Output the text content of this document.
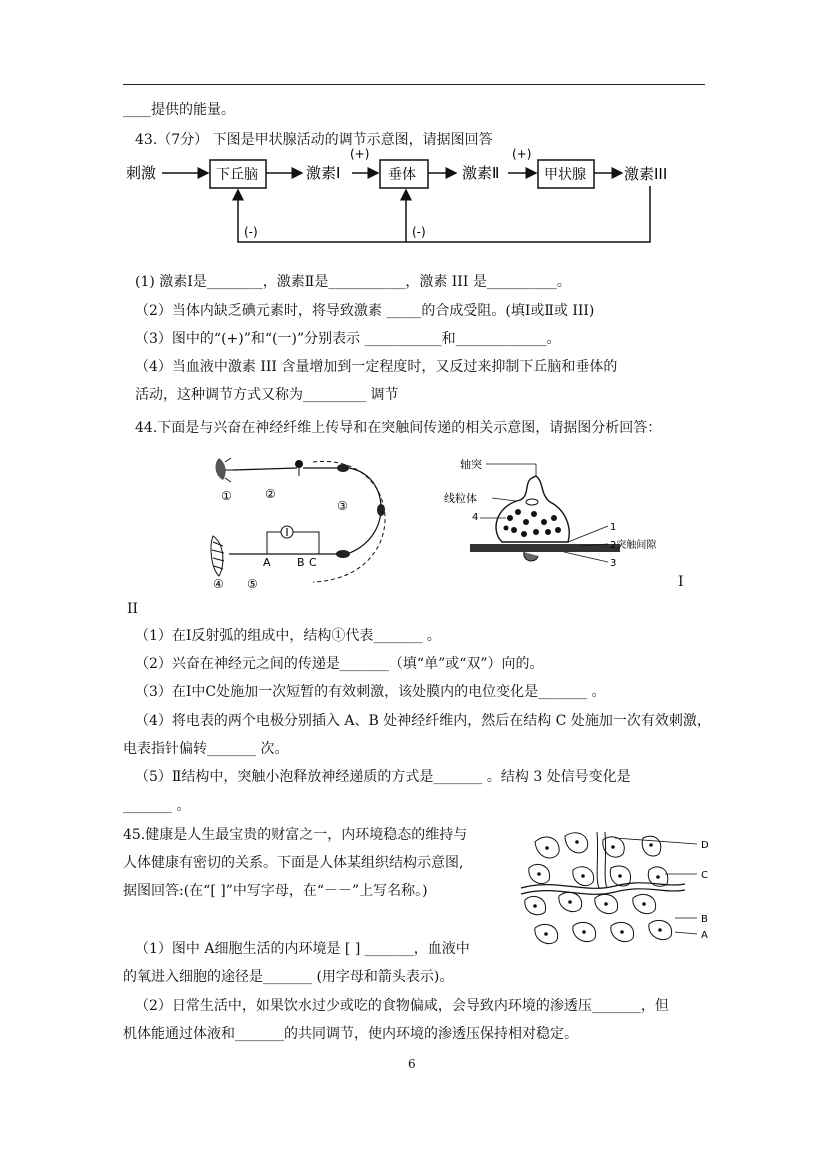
____提供的能量。
43.（7分） 下图是甲状腺活动的调节示意图，请据图回答
刺激	下丘脑	激素Ⅰ
(+)
垂体	激素Ⅱ
(+)
甲状腺	激素III
(-)	(-)
(1) 激素Ⅰ是________，激素Ⅱ是___________，激素 III 是__________。
（2）当体内缺乏碘元素时，将导致激素 _____的合成受阻。(填Ⅰ或Ⅱ或 III)
（3）图中的“(+)”和“(一)”分别表示 ___________和_____________。
（4）当血液中激素 III 含量增加到一定程度时，又反过来抑制下丘脑和垂体的
活动，这种调节方式又称为_________ 调节
44.下面是与兴奋在神经纤维上传导和在突触间传递的相关示意图，请据图分析回答：
①	②
③
④ ⑤
A B C
轴突
线粒体
4
1
2突触间隙
3
I
II
（1）在Ⅰ反射弧的组成中，结构①代表_______ 。
（2）兴奋在神经元之间的传递是_______（填“单”或“双”）向的。
（3）在Ⅰ中C处施加一次短暂的有效刺激，该处膜内的电位变化是_______ 。
（4）将电表的两个电极分别插入 A、B 处神经纤维内，然后在结构 C 处施加一次有效刺激，
电表指针偏转_______ 次。
（5）Ⅱ结构中，突触小泡释放神经递质的方式是_______ 。结构 3 处信号变化是
_______ 。
45.健康是人生最宝贵的财富之一，内环境稳态的维持与
人体健康有密切的关系。下面是人体某组织结构示意图,
据图回答:(在“[ ]”中写字母，在“－－”上写名称。)
D
C
B
A
（1）图中 A细胞生活的内环境是 [ ] _______，血液中
的氧进入细胞的途径是_______ (用字母和箭头表示)。
（2）日常生活中，如果饮水过少或吃的食物偏咸，会导致内环境的渗透压_______，但
机体能通过体液和_______的共同调节，使内环境的渗透压保持相对稳定。
6
